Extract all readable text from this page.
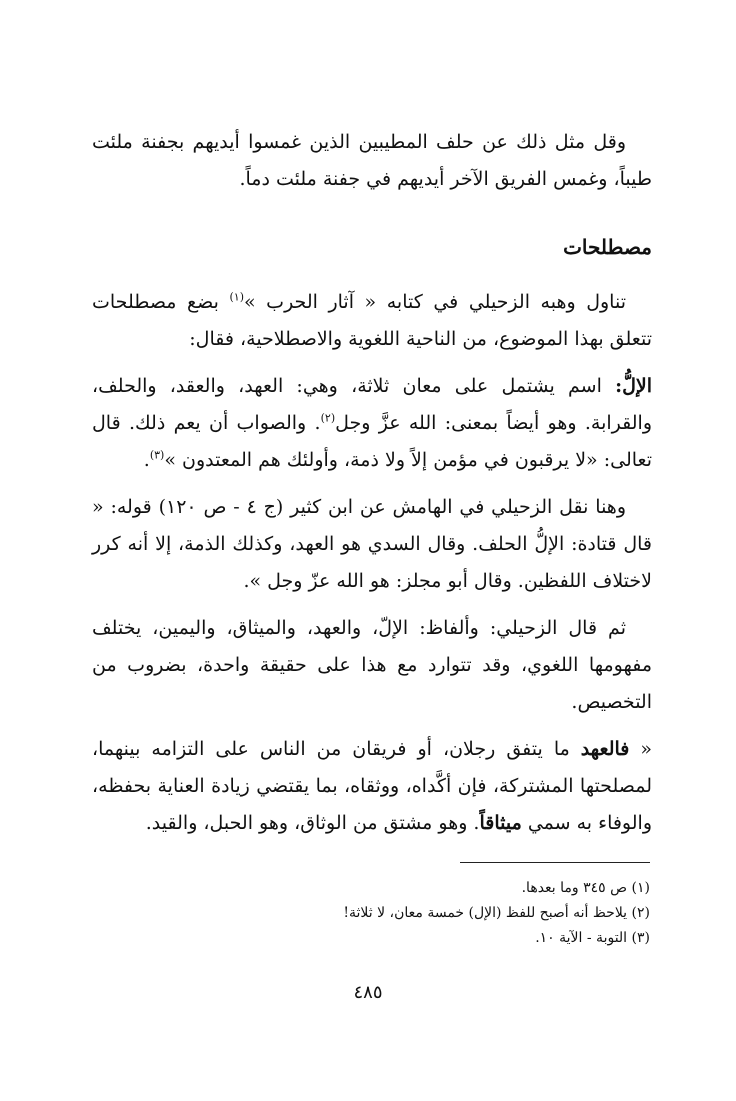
وقل مثل ذلك عن حلف المطيبين الذين غمسوا أيديهم بجفنة ملئت طيباً، وغمس الفريق الآخر أيديهم في جفنة ملئت دماً.

مصطلحات

تناول وهبه الزحيلي في كتابه « آثار الحرب »$^{(١)}$ بضع مصطلحات تتعلق بهذا الموضوع، من الناحية اللغوية والاصطلاحية، فقال:

الإلُّ: اسم يشتمل على معان ثلاثة، وهي: العهد، والعقد، والحلف، والقرابة. وهو أيضاً بمعنى: الله عزَّ وجل$^{(٢)}$. والصواب أن يعم ذلك. قال تعالى: «لا يرقبون في مؤمن إلاً ولا ذمة، وأولئك هم المعتدون »$^{(٣)}$.

وهنا نقل الزحيلي في الهامش عن ابن كثير (ج ٤ - ص ١٢٠) قوله: « قال قتادة: الإلُّ الحلف. وقال السدي هو العهد، وكذلك الذمة، إلا أنه كرر لاختلاف اللفظين. وقال أبو مجلز: هو الله عزّ وجل ».

ثم قال الزحيلي: وألفاظ: الإلّ، والعهد، والميثاق، واليمين، يختلف مفهومها اللغوي، وقد تتوارد مع هذا على حقيقة واحدة، بضروب من التخصيص.

« فالعهد ما يتفق رجلان، أو فريقان من الناس على التزامه بينهما، لمصلحتها المشتركة، فإن أكَّداه، ووثقاه، بما يقتضي زيادة العناية بحفظه، والوفاء به سمي ميثاقاً. وهو مشتق من الوثاق، وهو الحبل، والقيد.

(١) ص ٣٤٥ وما بعدها.
(٢) يلاحظ أنه أصبح للفظ (الإل) خمسة معان، لا ثلاثة!
(٣) التوبة - الآية ١٠.
٤٨٥
